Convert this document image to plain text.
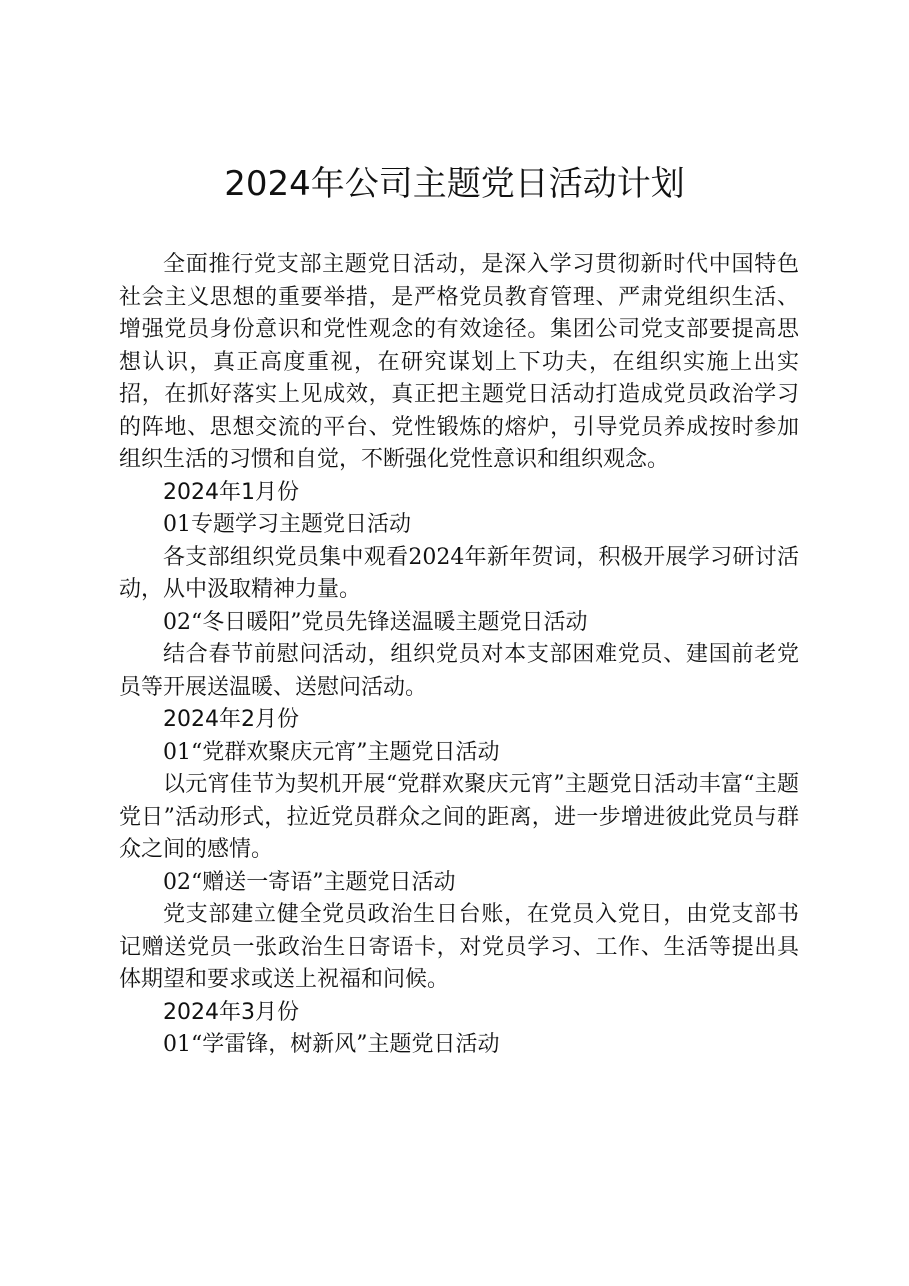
2024年公司主题党日活动计划

全面推行党支部主题党日活动，是深入学习贯彻新时代中国特色社会主义思想的重要举措，是严格党员教育管理、严肃党组织生活、增强党员身份意识和党性观念的有效途径。集团公司党支部要提高思想认识，真正高度重视，在研究谋划上下功夫，在组织实施上出实招，在抓好落实上见成效，真正把主题党日活动打造成党员政治学习的阵地、思想交流的平台、党性锻炼的熔炉，引导党员养成按时参加组织生活的习惯和自觉，不断强化党性意识和组织观念。

2024年1月份

01专题学习主题党日活动

各支部组织党员集中观看2024年新年贺词，积极开展学习研讨活动，从中汲取精神力量。

02“冬日暖阳”党员先锋送温暖主题党日活动

结合春节前慰问活动，组织党员对本支部困难党员、建国前老党员等开展送温暖、送慰问活动。

2024年2月份

01“党群欢聚庆元宵”主题党日活动

以元宵佳节为契机开展“党群欢聚庆元宵”主题党日活动丰富“主题党日”活动形式，拉近党员群众之间的距离，进一步增进彼此党员与群众之间的感情。

02“赠送一寄语”主题党日活动

党支部建立健全党员政治生日台账，在党员入党日，由党支部书记赠送党员一张政治生日寄语卡，对党员学习、工作、生活等提出具体期望和要求或送上祝福和问候。

2024年3月份

01“学雷锋，树新风”主题党日活动
